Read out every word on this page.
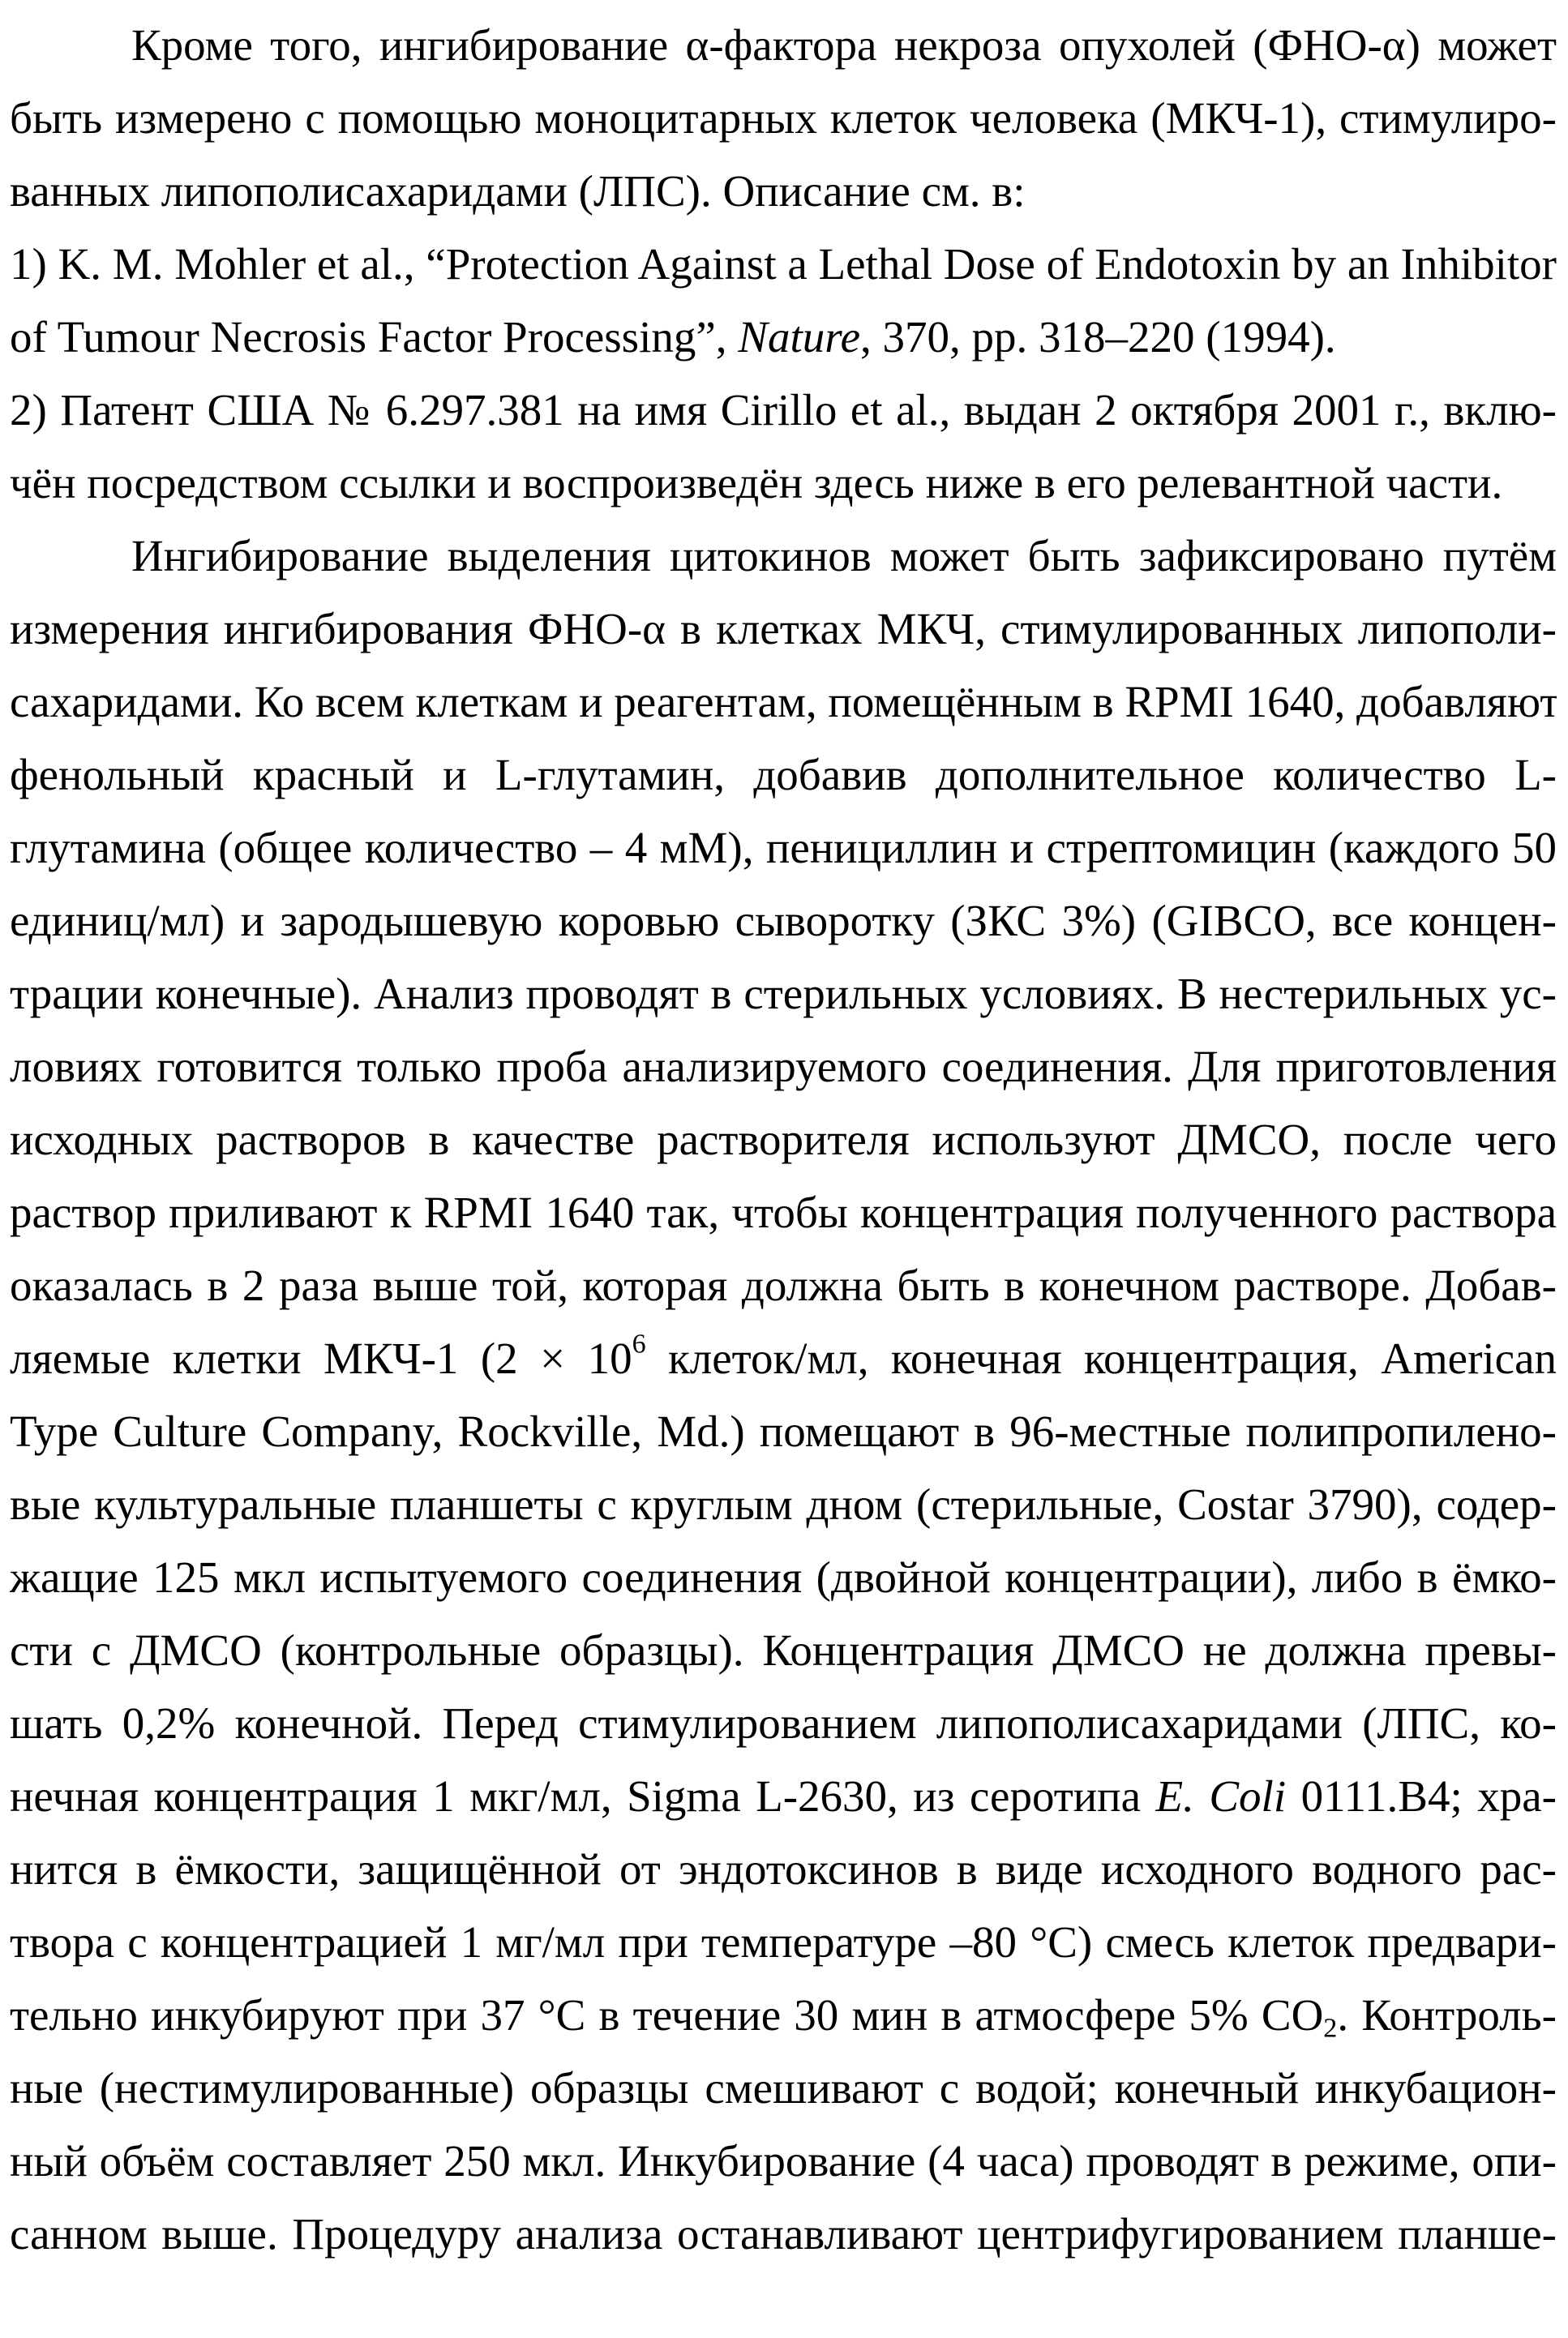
Кроме того, ингибирование α-фактора некроза опухолей (ФНО-α) может
быть измерено с помощью моноцитарных клеток человека (МКЧ-1), стимулиро-
ванных липополисахаридами (ЛПС). Описание см. в:
1) K. M. Mohler et al., “Protection Against a Lethal Dose of Endotoxin by an Inhibitor
of Tumour Necrosis Factor Processing”, Nature, 370, pp. 318–220 (1994).
2) Патент США № 6.297.381 на имя Cirillo et al., выдан 2 октября 2001 г., вклю-
чён посредством ссылки и воспроизведён здесь ниже в его релевантной части.
Ингибирование выделения цитокинов может быть зафиксировано путём
измерения ингибирования ФНО-α в клетках МКЧ, стимулированных липополи-
сахаридами. Ко всем клеткам и реагентам, помещённым в RPMI 1640, добавляют
фенольный красный и L-глутамин, добавив дополнительное количество L-
глутамина (общее количество – 4 мМ), пенициллин и стрептомицин (каждого 50
единиц/мл) и зародышевую коровью сыворотку (ЗКС 3%) (GIBCO, все концен-
трации конечные). Анализ проводят в стерильных условиях. В нестерильных ус-
ловиях готовится только проба анализируемого соединения. Для приготовления
исходных растворов в качестве растворителя используют ДМСО, после чего
раствор приливают к RPMI 1640 так, чтобы концентрация полученного раствора
оказалась в 2 раза выше той, которая должна быть в конечном растворе. Добав-
ляемые клетки МКЧ-1 (2 × 106 клеток/мл, конечная концентрация, American
Type Culture Company, Rockville, Md.) помещают в 96-местные полипропилено-
вые культуральные планшеты с круглым дном (стерильные, Costar 3790), содер-
жащие 125 мкл испытуемого соединения (двойной концентрации), либо в ёмко-
сти с ДМСО (контрольные образцы). Концентрация ДМСО не должна превы-
шать 0,2% конечной. Перед стимулированием липополисахаридами (ЛПС, ко-
нечная концентрация 1 мкг/мл, Sigma L-2630, из серотипа E. Coli 0111.B4; хра-
нится в ёмкости, защищённой от эндотоксинов в виде исходного водного рас-
твора с концентрацией 1 мг/мл при температуре –80 °С) смесь клеток предвари-
тельно инкубируют при 37 °С в течение 30 мин в атмосфере 5% СО2. Контроль-
ные (нестимулированные) образцы смешивают с водой; конечный инкубацион-
ный объём составляет 250 мкл. Инкубирование (4 часа) проводят в режиме, опи-
санном выше. Процедуру анализа останавливают центрифугированием планше-
